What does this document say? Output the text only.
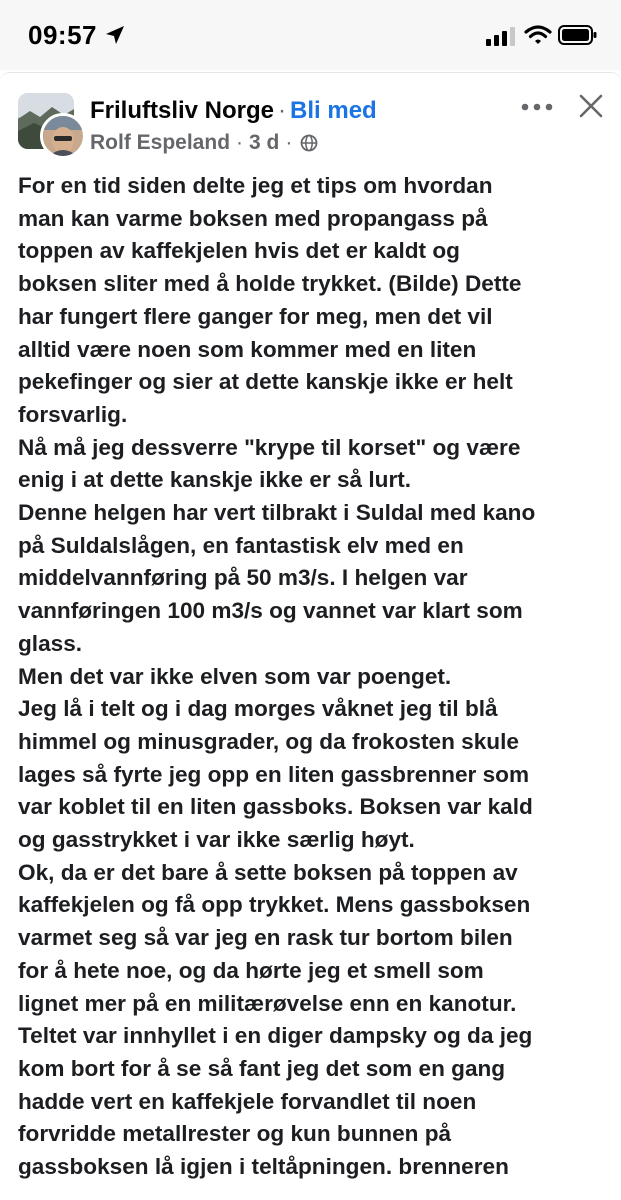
09:57
Friluftsliv Norge · Bli med
Rolf Espeland · 3 d ·

For en tid siden delte jeg et tips om hvordan

man kan varme boksen med propangass på

toppen av kaffekjelen hvis det er kaldt og

boksen sliter med å holde trykket. (Bilde) Dette

har fungert flere ganger for meg, men det vil

alltid være noen som kommer med en liten

pekefinger og sier at dette kanskje ikke er helt

forsvarlig.

Nå må jeg dessverre "krype til korset" og være

enig i at dette kanskje ikke er så lurt.

Denne helgen har vert tilbrakt i Suldal med kano

på Suldalslågen, en fantastisk elv med en

middelvannføring på 50 m3/s. I helgen var

vannføringen 100 m3/s og vannet var klart som

glass.

Men det var ikke elven som var poenget.

Jeg lå i telt og i dag morges våknet jeg til blå

himmel og minusgrader, og da frokosten skule

lages så fyrte jeg opp en liten gassbrenner som

var koblet til en liten gassboks. Boksen var kald

og gasstrykket i var ikke særlig høyt.

Ok, da er det bare å sette boksen på toppen av

kaffekjelen og få opp trykket. Mens gassboksen

varmet seg så var jeg en rask tur bortom bilen

for å hete noe, og da hørte jeg et smell som

lignet mer på en militærøvelse enn en kanotur.

Teltet var innhyllet i en diger dampsky og da jeg

kom bort for å se så fant jeg det som en gang

hadde vert en kaffekjele forvandlet til noen

forvridde metallrester og kun bunnen på

gassboksen lå igjen i teltåpningen. brenneren
